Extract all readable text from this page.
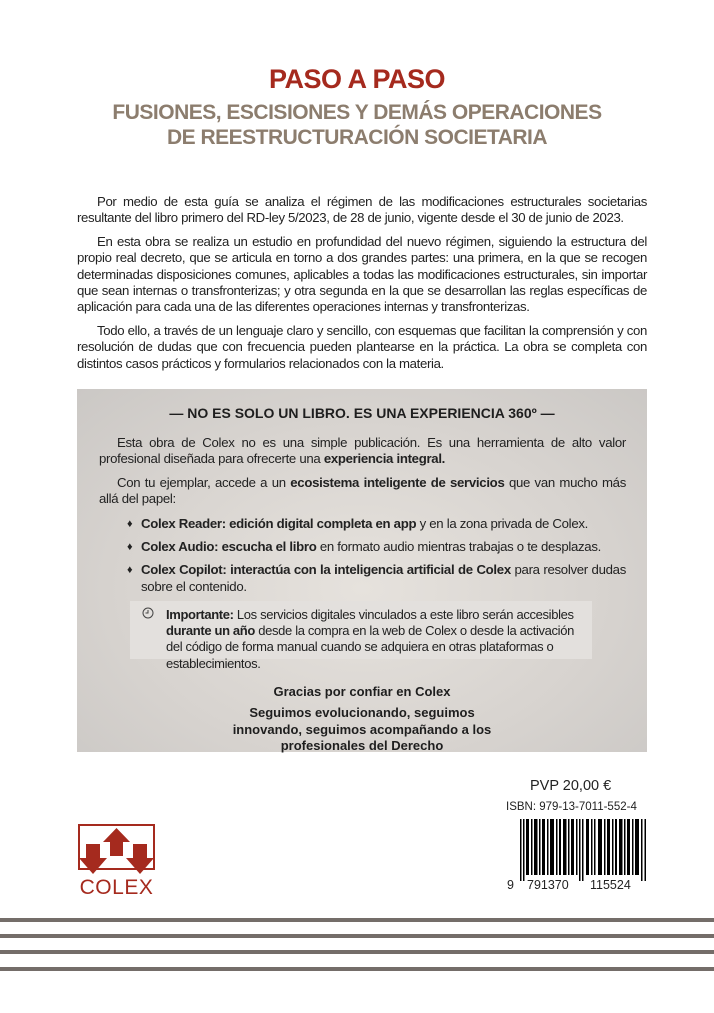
PASO A PASO
FUSIONES, ESCISIONES Y DEMÁS OPERACIONES
DE REESTRUCTURACIÓN SOCIETARIA

Por medio de esta guía se analiza el régimen de las modificaciones estructurales societarias resultante del libro primero del RD-ley 5/2023, de 28 de junio, vigente desde el 30 de junio de 2023.

En esta obra se realiza un estudio en profundidad del nuevo régimen, siguiendo la estructura del propio real decreto, que se articula en torno a dos grandes partes: una primera, en la que se recogen determinadas disposiciones comunes, aplicables a todas las modificaciones estructurales, sin importar que sean internas o transfronterizas; y otra segunda en la que se desarrollan las reglas específicas de aplicación para cada una de las diferentes operaciones internas y transfronterizas.

Todo ello, a través de un lenguaje claro y sencillo, con esquemas que facilitan la comprensión y con resolución de dudas que con frecuencia pueden plantearse en la práctica. La obra se completa con distintos casos prácticos y formularios relacionados con la materia.

— NO ES SOLO UN LIBRO. ES UNA EXPERIENCIA 360º —

Esta obra de Colex no es una simple publicación. Es una herramienta de alto valor profesional diseñada para ofrecerte una experiencia integral.

Con tu ejemplar, accede a un ecosistema inteligente de servicios que van mucho más allá del papel:

♦ Colex Reader: edición digital completa en app y en la zona privada de Colex.
♦ Colex Audio: escucha el libro en formato audio mientras trabajas o te desplazas.
♦ Colex Copilot: interactúa con la inteligencia artificial de Colex para resolver dudas sobre el contenido.
Importante: Los servicios digitales vinculados a este libro serán accesibles durante un año desde la compra en la web de Colex o desde la activación del código de forma manual cuando se adquiera en otras plataformas o establecimientos.
Gracias por confiar en Colex
Seguimos evolucionando, seguimos innovando, seguimos acompañando a los profesionales del Derecho
PVP 20,00 €
ISBN: 979-13-7011-552-4
9 791370 115524
COLEX
